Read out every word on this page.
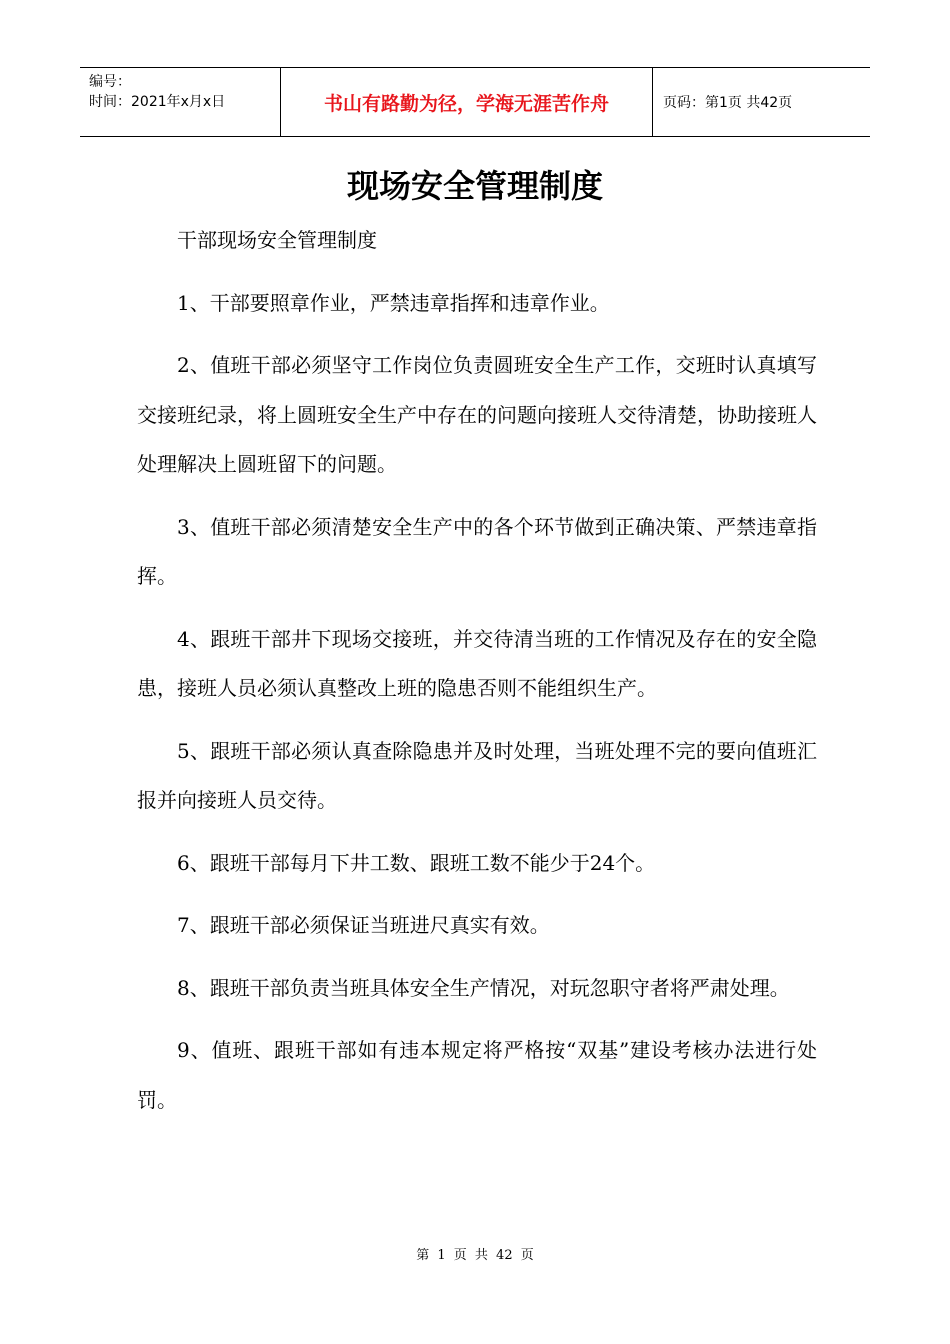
编号：
时间：2021年x月x日	书山有路勤为径，学海无涯苦作舟	页码：第1页 共42页
现场安全管理制度

干部现场安全管理制度

1、干部要照章作业，严禁违章指挥和违章作业。

2、值班干部必须坚守工作岗位负责圆班安全生产工作，交班时认真填写交接班纪录，将上圆班安全生产中存在的问题向接班人交待清楚，协助接班人处理解决上圆班留下的问题。

3、值班干部必须清楚安全生产中的各个环节做到正确决策、严禁违章指挥。

4、跟班干部井下现场交接班，并交待清当班的工作情况及存在的安全隐患，接班人员必须认真整改上班的隐患否则不能组织生产。

5、跟班干部必须认真查除隐患并及时处理，当班处理不完的要向值班汇报并向接班人员交待。

6、跟班干部每月下井工数、跟班工数不能少于24个。

7、跟班干部必须保证当班进尺真实有效。

8、跟班干部负责当班具体安全生产情况，对玩忽职守者将严肃处理。

9、值班、跟班干部如有违本规定将严格按“双基”建设考核办法进行处罚。

第 1 页 共 42 页
